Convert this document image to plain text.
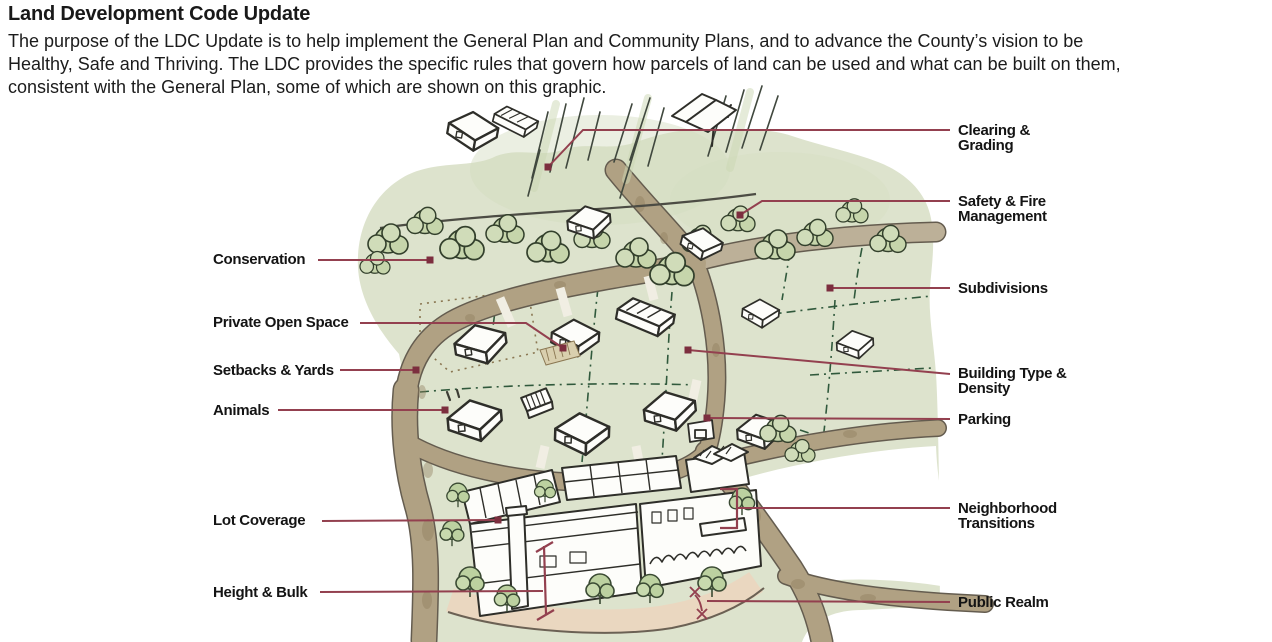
Land Development Code Update
The purpose of the LDC Update is to help implement the General Plan and Community Plans, and to advance the County’s vision to be
Healthy, Safe and Thriving. The LDC provides the specific rules that govern how parcels of land can be used and what can be built on them,
consistent with the General Plan, some of which are shown on this graphic.
Conservation
Private Open Space
Setbacks & Yards
Animals
Lot Coverage
Height & Bulk
Clearing & Grading
Safety & Fire Management
Subdivisions
Building Type & Density
Parking
Neighborhood Transitions
Public Realm
